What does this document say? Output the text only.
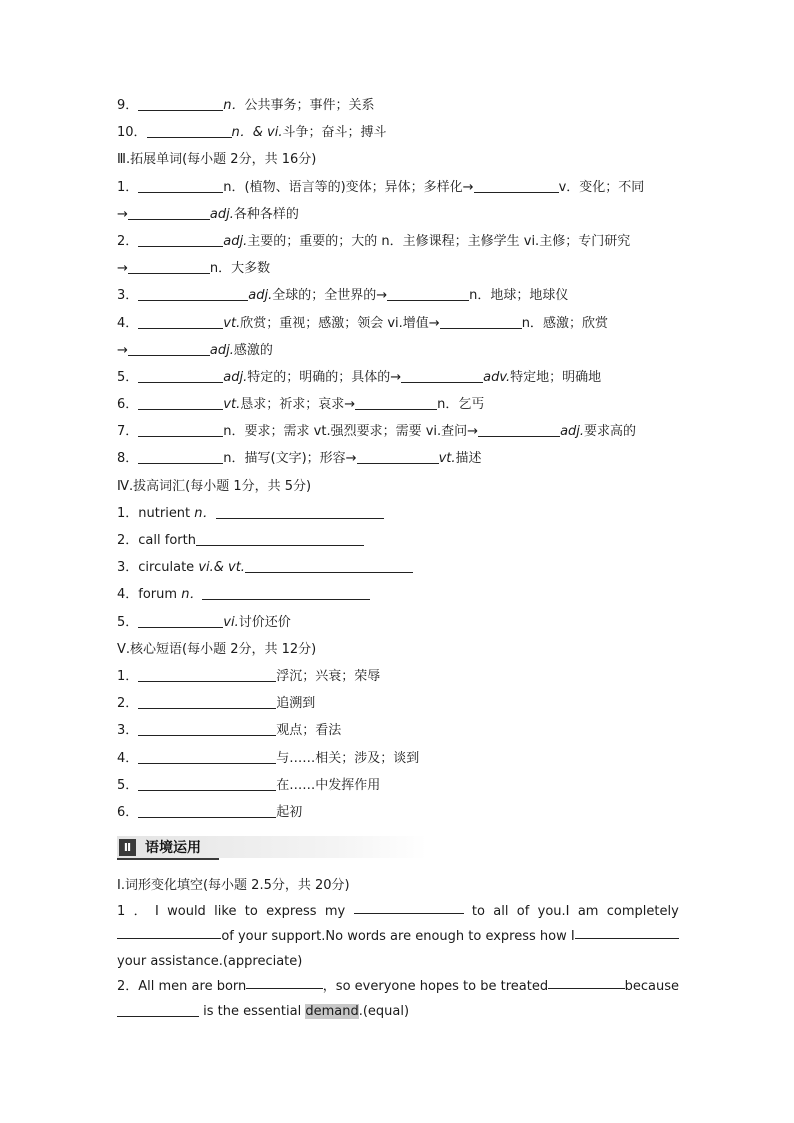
9．	n．公共事务；事件；关系
10．	n．& vi.斗争；奋斗；搏斗
Ⅲ.拓展单词(每小题 2分，共 16分)
1．	n．(植物、语言等的)变体；异体；多样化→	v．变化；不同
→	adj.各种各样的
2．	adj.主要的；重要的；大的 n．主修课程；主修学生 vi.主修；专门研究
→	n．大多数
3．	adj.全球的；全世界的→	n．地球；地球仪
4．	vt.欣赏；重视；感激；领会 vi.增值→	n．感激；欣赏
→	adj.感激的
5．	adj.特定的；明确的；具体的→	adv.特定地；明确地
6．	vt.恳求；祈求；哀求→	n．乞丐
7．	n．要求；需求 vt.强烈要求；需要 vi.查问→	adj.要求高的
8．	n．描写(文字)；形容→	vt.描述
Ⅳ.拔高词汇(每小题 1分，共 5分)
1．nutrient n．
2．call forth
3．circulate vi.& vt.
4．forum n．
5．	vi.讨价还价
Ⅴ.核心短语(每小题 2分，共 12分)
1．	浮沉；兴衰；荣辱
2．	追溯到
3．	观点；看法
4．	与……相关；涉及；谈到
5．	在……中发挥作用
6．	起初
Ⅱ 语境运用
Ⅰ.词形变化填空(每小题 2.5分，共 20分)
1 ． I would like to express my	to all of you.I am completely
of your support.No words are enough to express how I
your assistance.(appreciate)
2．All men are born	，so everyone hopes to be treated	because
is the essential demand.(equal)
